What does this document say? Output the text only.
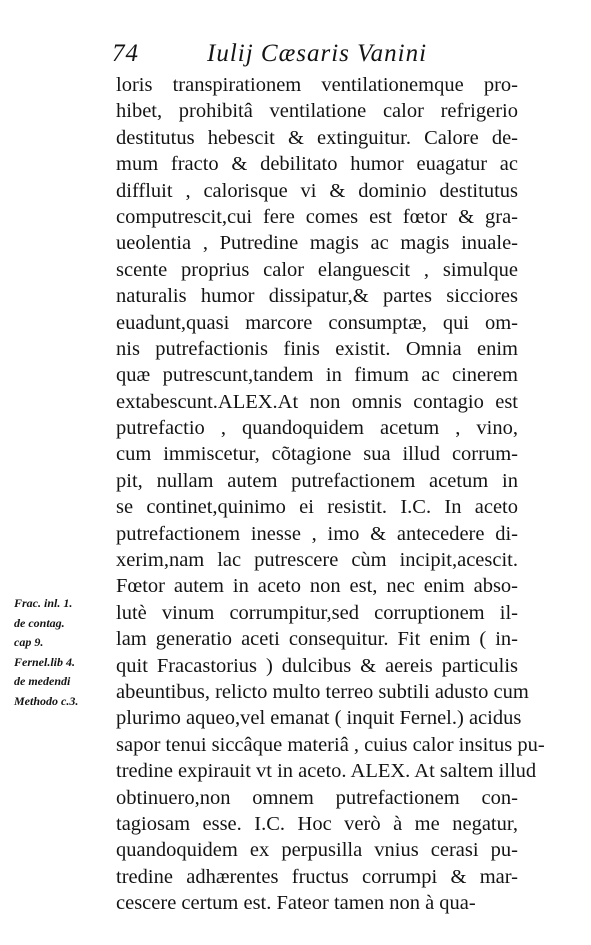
74	Iulij Cæsaris Vanini
loris transpirationem ventilationemque pro-
hibet, prohibitâ ventilatione calor refrigerio
destitutus hebescit & extinguitur. Calore de-
mum fracto & debilitato humor euagatur ac
diffluit , calorisque vi & dominio destitutus
computrescit,cui fere comes est fœtor & gra-
ueolentia , Putredine magis ac magis inuale-
scente proprius calor elanguescit , simulque
naturalis humor dissipatur,& partes sicciores
euadunt,quasi marcore consumptæ, qui om-
nis putrefactionis finis existit. Omnia enim
quæ putrescunt,tandem in fimum ac cinerem
extabescunt.ALEX.At non omnis contagio est
putrefactio , quandoquidem acetum , vino,
cum immiscetur, cõtagione sua illud corrum-
pit, nullam autem putrefactionem acetum in
se continet,quinimo ei resistit. I.C. In aceto
putrefactionem inesse , imo & antecedere di-
xerim,nam lac putrescere cùm incipit,acescit.
Fœtor autem in aceto non est, nec enim abso-
lutè vinum corrumpitur,sed corruptionem il-
lam generatio aceti consequitur. Fit enim ( in-
quit Fracastorius ) dulcibus & aereis particulis
abeuntibus, relicto multo terreo subtili adusto cum
plurimo aqueo,vel emanat ( inquit Fernel.) acidus
sapor tenui siccâque materiâ , cuius calor insitus pu-
tredine expirauit vt in aceto. ALEX. At saltem illud
obtinuero,non omnem putrefactionem con-
tagiosam esse. I.C. Hoc verò à me negatur,
quandoquidem ex perpusilla vnius cerasi pu-
tredine adhærentes fructus corrumpi & mar-
cescere certum est. Fateor tamen non à qua-
Frac. inl. 1.
de contag.
cap 9.
Fernel.lib 4.
de medendi
Methodo c.3.
